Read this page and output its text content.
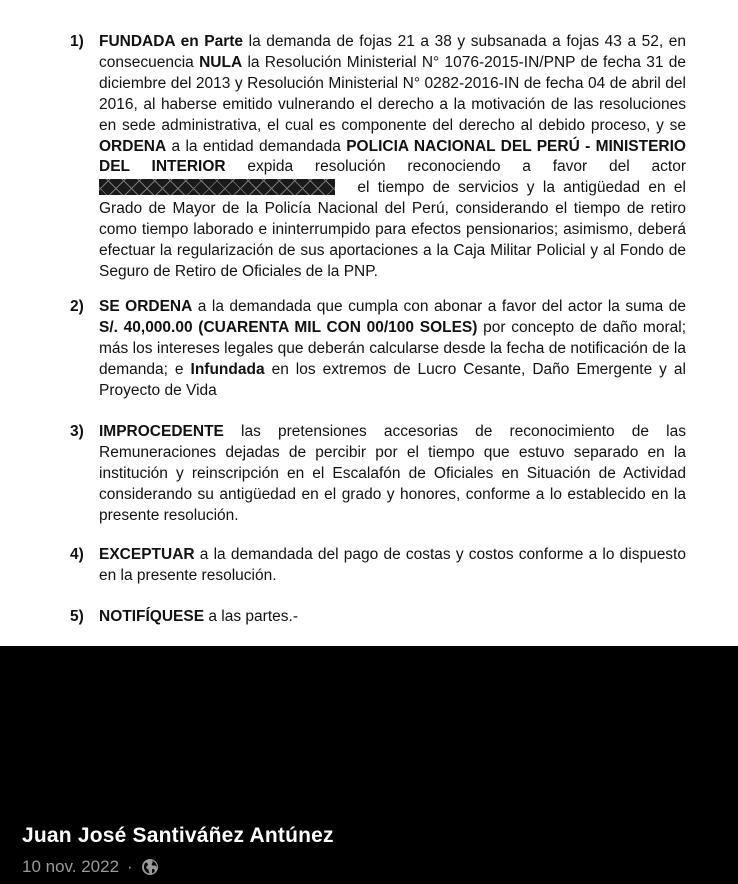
1) FUNDADA en Parte la demanda de fojas 21 a 38 y subsanada a fojas 43 a 52, en consecuencia NULA la Resolución Ministerial N° 1076-2015-IN/PNP de fecha 31 de diciembre del 2013 y Resolución Ministerial N° 0282-2016-IN de fecha 04 de abril del 2016, al haberse emitido vulnerando el derecho a la motivación de las resoluciones en sede administrativa, el cual es componente del derecho al debido proceso, y se ORDENA a la entidad demandada POLICIA NACIONAL DEL PERÚ - MINISTERIO DEL INTERIOR expida resolución reconociendo a favor del actor  el tiempo de servicios y la antigüedad en el Grado de Mayor de la Policía Nacional del Perú, considerando el tiempo de retiro como tiempo laborado e ininterrumpido para efectos pensionarios; asimismo, deberá efectuar la regularización de sus aportaciones a la Caja Militar Policial y al Fondo de Seguro de Retiro de Oficiales de la PNP.
2) SE ORDENA a la demandada que cumpla con abonar a favor del actor la suma de S/. 40,000.00 (CUARENTA MIL CON 00/100 SOLES) por concepto de daño moral; más los intereses legales que deberán calcularse desde la fecha de notificación de la demanda; e Infundada en los extremos de Lucro Cesante, Daño Emergente y al Proyecto de Vida
3) IMPROCEDENTE las pretensiones accesorias de reconocimiento de las Remuneraciones dejadas de percibir por el tiempo que estuvo separado en la institución y reinscripción en el Escalafón de Oficiales en Situación de Actividad considerando su antigüedad en el grado y honores, conforme a lo establecido en la presente resolución.
4) EXCEPTUAR a la demandada del pago de costas y costos conforme a lo dispuesto en la presente resolución.
5) NOTIFÍQUESE a las partes.-
Juan José Santiváñez Antúnez
10 nov. 2022 ·
